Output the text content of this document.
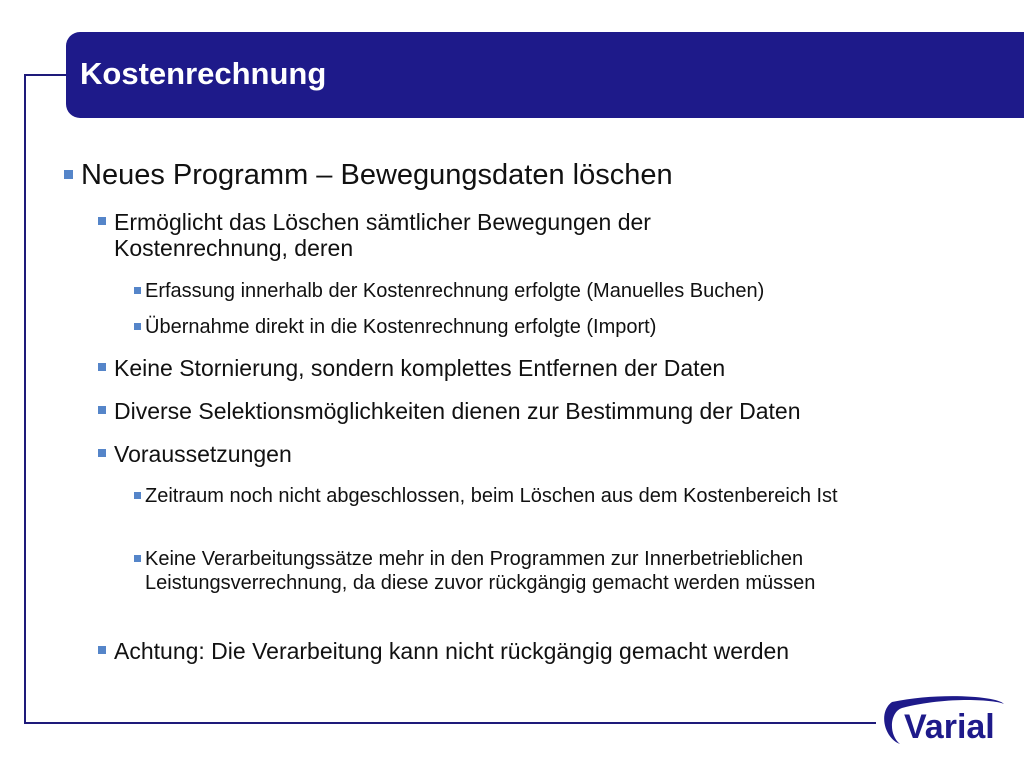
Kostenrechnung
Neues Programm – Bewegungsdaten löschen
Ermöglicht das Löschen sämtlicher Bewegungen der Kostenrechnung, deren
Erfassung innerhalb der Kostenrechnung erfolgte (Manuelles Buchen)
Übernahme direkt in die Kostenrechnung erfolgte (Import)
Keine Stornierung, sondern komplettes Entfernen der Daten
Diverse Selektionsmöglichkeiten dienen zur Bestimmung der Daten
Voraussetzungen
Zeitraum noch nicht abgeschlossen, beim Löschen aus dem Kostenbereich Ist
Keine Verarbeitungssätze mehr in den Programmen zur Innerbetrieblichen Leistungsverrechnung, da diese zuvor rückgängig gemacht werden müssen
Achtung: Die Verarbeitung kann nicht rückgängig gemacht werden
Varial
